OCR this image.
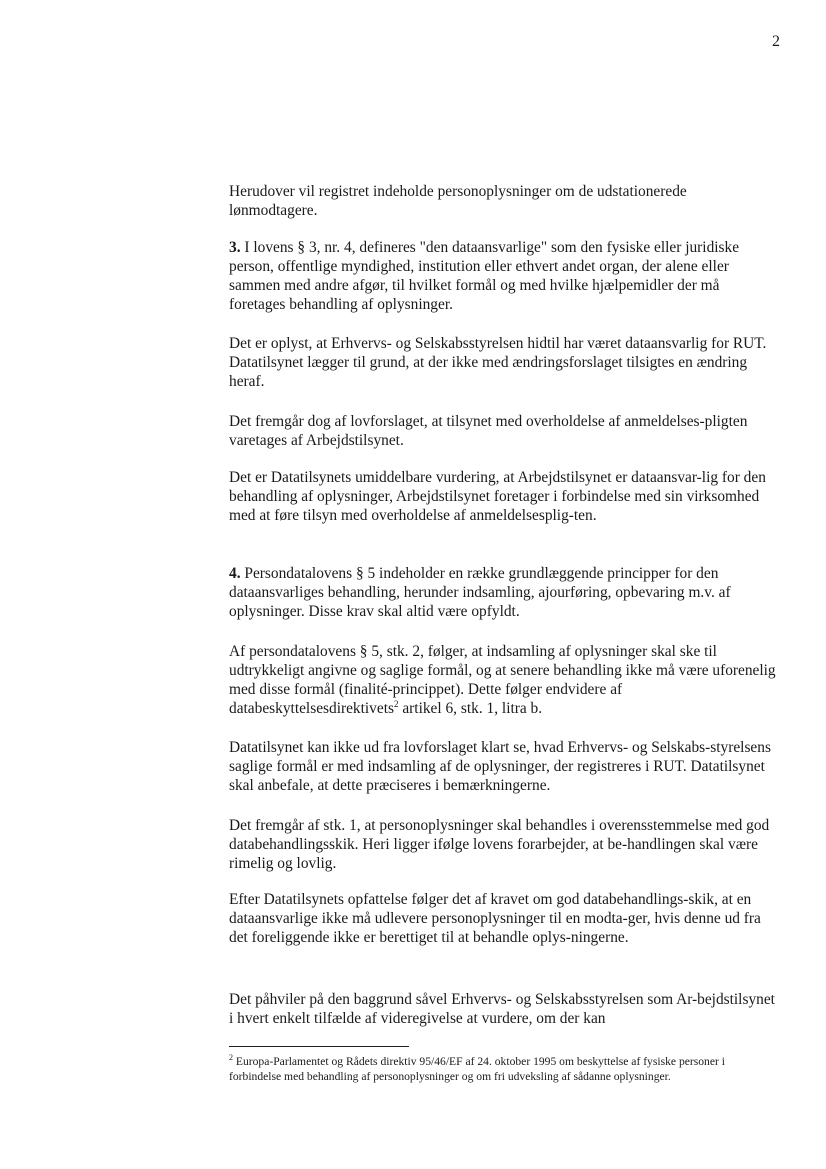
2

Herudover vil registret indeholde personoplysninger om de udstationerede lønmodtagere.

3. I lovens § 3, nr. 4, defineres "den dataansvarlige" som den fysiske eller juridiske person, offentlige myndighed, institution eller ethvert andet organ, der alene eller sammen med andre afgør, til hvilket formål og med hvilke hjælpemidler der må foretages behandling af oplysninger.

Det er oplyst, at Erhvervs- og Selskabsstyrelsen hidtil har været dataansvarlig for RUT. Datatilsynet lægger til grund, at der ikke med ændringsforslaget tilsigtes en ændring heraf.

Det fremgår dog af lovforslaget, at tilsynet med overholdelse af anmeldelses-pligten varetages af Arbejdstilsynet.

Det er Datatilsynets umiddelbare vurdering, at Arbejdstilsynet er dataansvar-lig for den behandling af oplysninger, Arbejdstilsynet foretager i forbindelse med sin virksomhed med at føre tilsyn med overholdelse af anmeldelsesplig-ten.

4. Persondatalovens § 5 indeholder en række grundlæggende principper for den dataansvarliges behandling, herunder indsamling, ajourføring, opbevaring m.v. af oplysninger. Disse krav skal altid være opfyldt.

Af persondatalovens § 5, stk. 2, følger, at indsamling af oplysninger skal ske til udtrykkeligt angivne og saglige formål, og at senere behandling ikke må være uforenelig med disse formål (finalité-princippet). Dette følger endvidere af databeskyttelsesdirektivets$^2$ artikel 6, stk. 1, litra b.

Datatilsynet kan ikke ud fra lovforslaget klart se, hvad Erhvervs- og Selskabs-styrelsens saglige formål er med indsamling af de oplysninger, der registreres i RUT. Datatilsynet skal anbefale, at dette præciseres i bemærkningerne.

Det fremgår af stk. 1, at personoplysninger skal behandles i overensstemmelse med god databehandlingsskik. Heri ligger ifølge lovens forarbejder, at be-handlingen skal være rimelig og lovlig.

Efter Datatilsynets opfattelse følger det af kravet om god databehandlings-skik, at en dataansvarlige ikke må udlevere personoplysninger til en modta-ger, hvis denne ud fra det foreliggende ikke er berettiget til at behandle oplys-ningerne.

Det påhviler på den baggrund såvel Erhvervs- og Selskabsstyrelsen som Ar-bejdstilsynet i hvert enkelt tilfælde af videregivelse at vurdere, om der kan

$^2$ Europa-Parlamentet og Rådets direktiv 95/46/EF af 24. oktober 1995 om beskyttelse af fysiske personer i forbindelse med behandling af personoplysninger og om fri udveksling af sådanne oplysninger.
